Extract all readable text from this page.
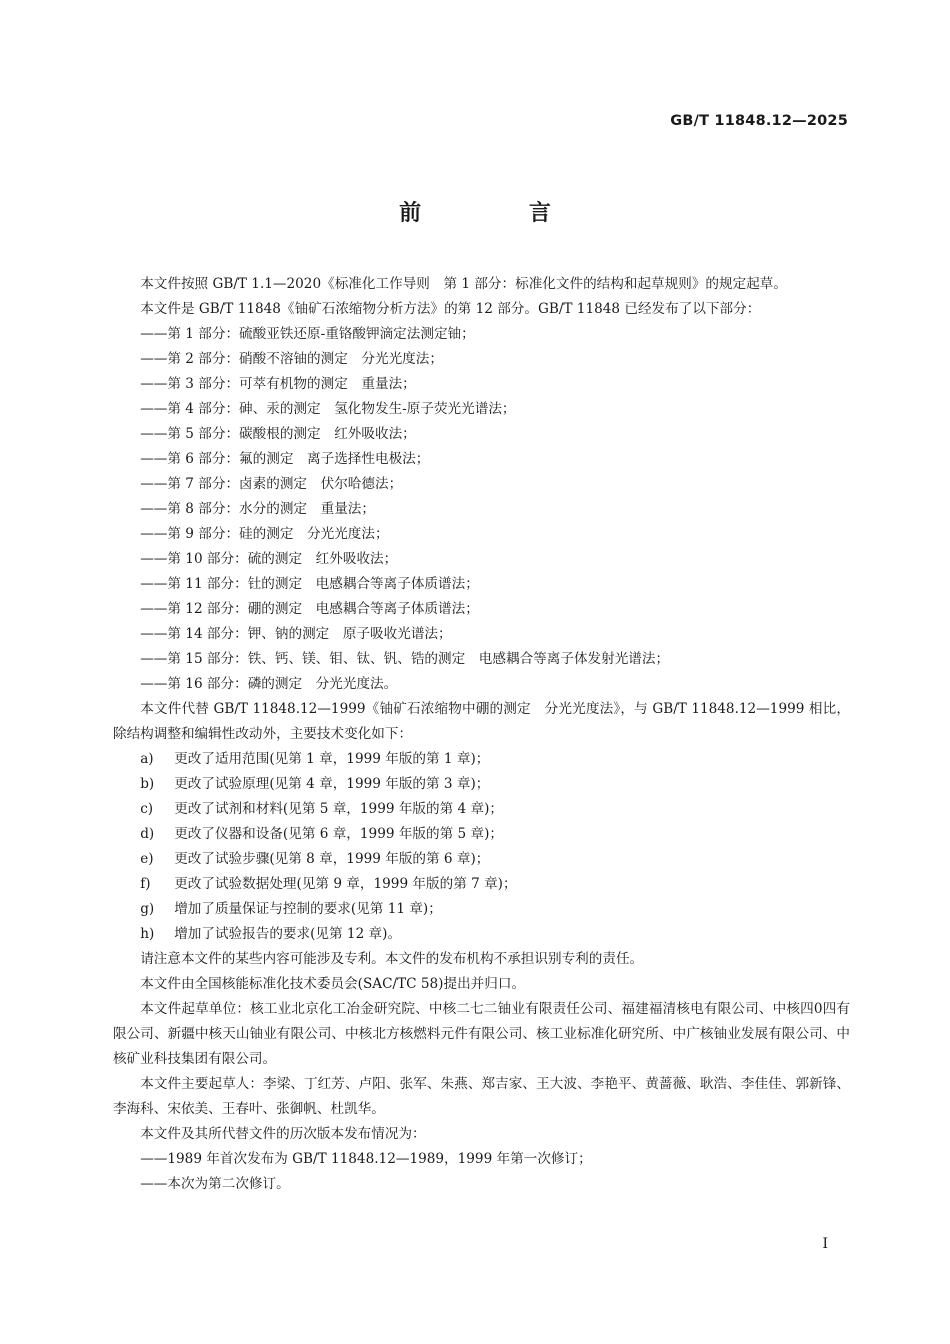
GB/T 11848.12—2025
前 言

本文件按照 GB/T 1.1—2020《标准化工作导则　第 1 部分：标准化文件的结构和起草规则》的规定起草。

本文件是 GB/T 11848《铀矿石浓缩物分析方法》的第 12 部分。GB/T 11848 已经发布了以下部分：

——第 1 部分：硫酸亚铁还原-重铬酸钾滴定法测定铀；

——第 2 部分：硝酸不溶铀的测定　分光光度法；

——第 3 部分：可萃有机物的测定　重量法；

——第 4 部分：砷、汞的测定　氢化物发生-原子荧光光谱法；

——第 5 部分：碳酸根的测定　红外吸收法；

——第 6 部分：氟的测定　离子选择性电极法；

——第 7 部分：卤素的测定　伏尔哈德法；

——第 8 部分：水分的测定　重量法；

——第 9 部分：硅的测定　分光光度法；

——第 10 部分：硫的测定　红外吸收法；

——第 11 部分：钍的测定　电感耦合等离子体质谱法；

——第 12 部分：硼的测定　电感耦合等离子体质谱法；

——第 14 部分：钾、钠的测定　原子吸收光谱法；

——第 15 部分：铁、钙、镁、钼、钛、钒、锆的测定　电感耦合等离子体发射光谱法；

——第 16 部分：磷的测定　分光光度法。

本文件代替 GB/T 11848.12—1999《铀矿石浓缩物中硼的测定　分光光度法》，与 GB/T 11848.12—1999 相比，除结构调整和编辑性改动外，主要技术变化如下：

a) 更改了适用范围(见第 1 章，1999 年版的第 1 章)；

b) 更改了试验原理(见第 4 章，1999 年版的第 3 章)；

c) 更改了试剂和材料(见第 5 章，1999 年版的第 4 章)；

d) 更改了仪器和设备(见第 6 章，1999 年版的第 5 章)；

e) 更改了试验步骤(见第 8 章，1999 年版的第 6 章)；

f) 更改了试验数据处理(见第 9 章，1999 年版的第 7 章)；

g) 增加了质量保证与控制的要求(见第 11 章)；

h) 增加了试验报告的要求(见第 12 章)。

请注意本文件的某些内容可能涉及专利。本文件的发布机构不承担识别专利的责任。

本文件由全国核能标准化技术委员会(SAC/TC 58)提出并归口。

本文件起草单位：核工业北京化工冶金研究院、中核二七二铀业有限责任公司、福建福清核电有限公司、中核四0四有限公司、新疆中核天山铀业有限公司、中核北方核燃料元件有限公司、核工业标准化研究所、中广核铀业发展有限公司、中核矿业科技集团有限公司。

本文件主要起草人：李梁、丁红芳、卢阳、张军、朱燕、郑吉家、王大波、李艳平、黄蔷薇、耿浩、李佳佳、郭新锋、李海科、宋依美、王春叶、张御帆、杜凯华。

本文件及其所代替文件的历次版本发布情况为：

——1989 年首次发布为 GB/T 11848.12—1989，1999 年第一次修订；

——本次为第二次修订。

I
